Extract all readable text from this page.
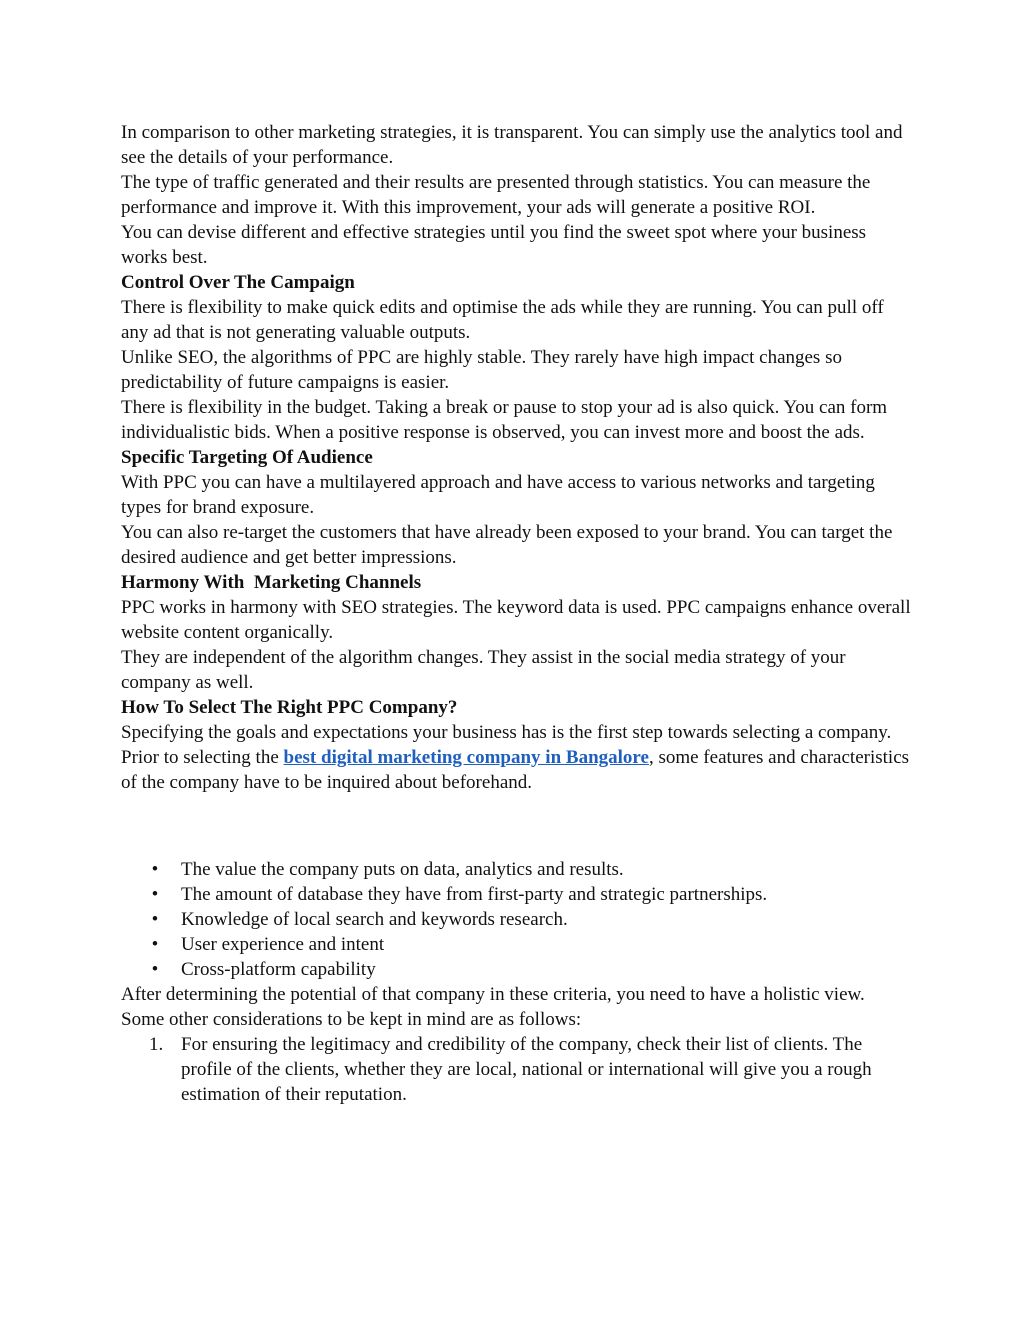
In comparison to other marketing strategies, it is transparent. You can simply use the analytics tool and see the details of your performance.

The type of traffic generated and their results are presented through statistics. You can measure the performance and improve it. With this improvement, your ads will generate a positive ROI.

You can devise different and effective strategies until you find the sweet spot where your business works best.

Control Over The Campaign

There is flexibility to make quick edits and optimise the ads while they are running. You can pull off any ad that is not generating valuable outputs.

Unlike SEO, the algorithms of PPC are highly stable. They rarely have high impact changes so predictability of future campaigns is easier.

There is flexibility in the budget. Taking a break or pause to stop your ad is also quick. You can form individualistic bids. When a positive response is observed, you can invest more and boost the ads.

Specific Targeting Of Audience

With PPC you can have a multilayered approach and have access to various networks and targeting types for brand exposure.

You can also re-target the customers that have already been exposed to your brand. You can target the desired audience and get better impressions.

Harmony With  Marketing Channels

PPC works in harmony with SEO strategies. The keyword data is used. PPC campaigns enhance overall website content organically.

They are independent of the algorithm changes. They assist in the social media strategy of your company as well.

How To Select The Right PPC Company?

Specifying the goals and expectations your business has is the first step towards selecting a company.

Prior to selecting the best digital marketing company in Bangalore, some features and characteristics of the company have to be inquired about beforehand.

•	The value the company puts on data, analytics and results.
•	The amount of database they have from first-party and strategic partnerships.
•	Knowledge of local search and keywords research.
•	User experience and intent
•	Cross-platform capability

After determining the potential of that company in these criteria, you need to have a holistic view. Some other considerations to be kept in mind are as follows:

1. For ensuring the legitimacy and credibility of the company, check their list of clients. The profile of the clients, whether they are local, national or international will give you a rough estimation of their reputation.
